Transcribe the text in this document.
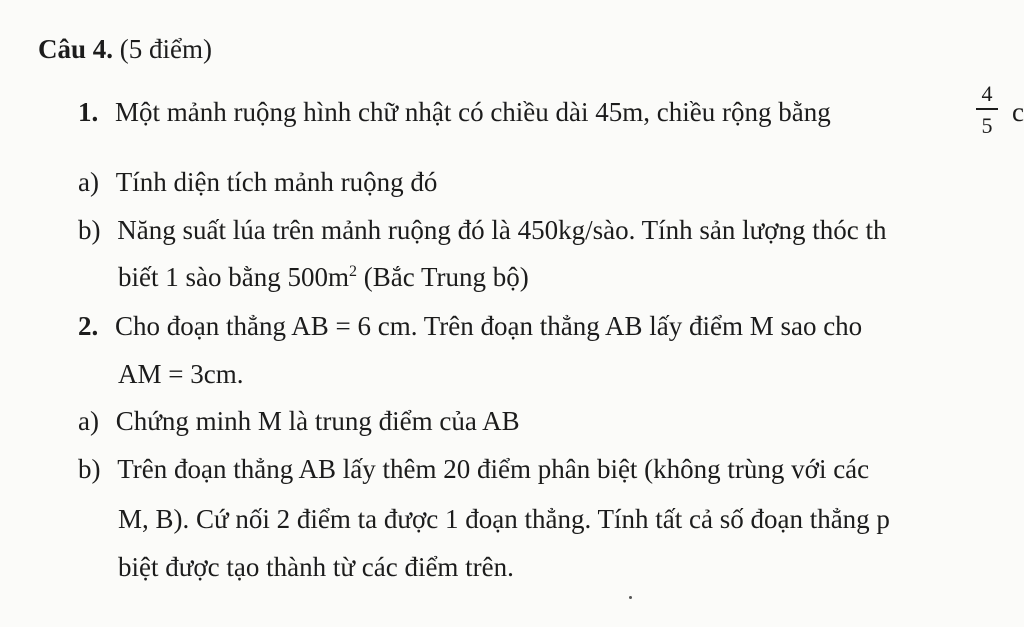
Câu 4. (5 điểm)
1. Một mảnh ruộng hình chữ nhật có chiều dài 45m, chiều rộng bằng
4
5 c
a) Tính diện tích mảnh ruộng đó
b) Năng suất lúa trên mảnh ruộng đó là 450kg/sào. Tính sản lượng thóc th
biết 1 sào bằng $500m^2$ (Bắc Trung bộ)
2. Cho đoạn thẳng AB = 6 cm. Trên đoạn thẳng AB lấy điểm M sao cho
AM = 3cm.
a) Chứng minh M là trung điểm của AB
b) Trên đoạn thẳng AB lấy thêm 20 điểm phân biệt (không trùng với các
M, B). Cứ nối 2 điểm ta được 1 đoạn thẳng. Tính tất cả số đoạn thẳng p
biệt được tạo thành từ các điểm trên.
